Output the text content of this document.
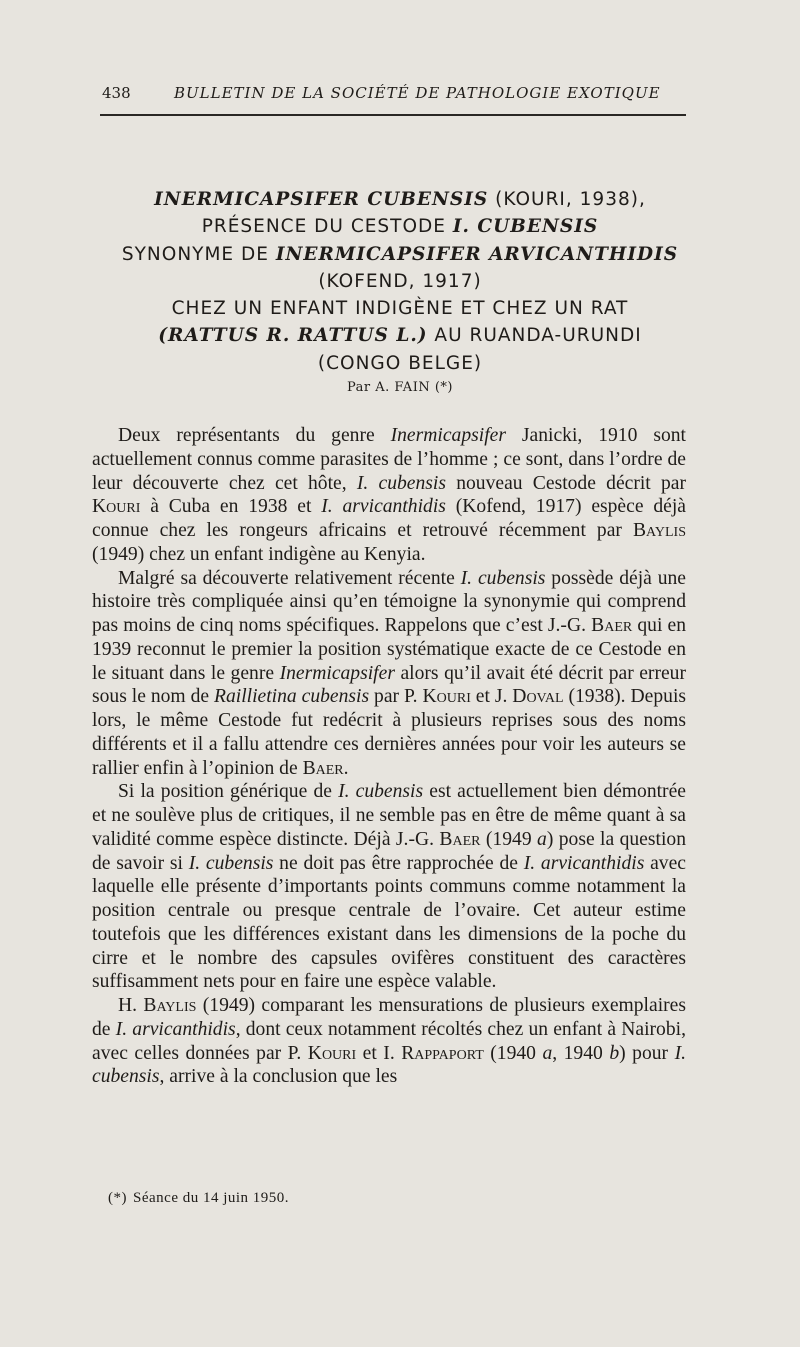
438	BULLETIN DE LA SOCIÉTÉ DE PATHOLOGIE EXOTIQUE
INERMICAPSIFER CUBENSIS (KOURI, 1938),
PRÉSENCE DU CESTODE I. CUBENSIS
SYNONYME DE INERMICAPSIFER ARVICANTHIDIS
(KOFEND, 1917)
CHEZ UN ENFANT INDIGÈNE ET CHEZ UN RAT
(RATTUS R. RATTUS L.) AU RUANDA-URUNDI
(CONGO BELGE)
Par A. FAIN (*)

Deux représentants du genre Inermicapsifer Janicki, 1910 sont actuellement connus comme parasites de l’homme ; ce sont, dans l’ordre de leur découverte chez cet hôte, I. cubensis nouveau Cestode décrit par Kouri à Cuba en 1938 et I. arvicanthidis (Kofend, 1917) espèce déjà connue chez les rongeurs africains et retrouvé récemment par Baylis (1949) chez un enfant indigène au Kenyia.

Malgré sa découverte relativement récente I. cubensis possède déjà une histoire très compliquée ainsi qu’en témoigne la synonymie qui comprend pas moins de cinq noms spécifiques. Rappelons que c’est J.-G. Baer qui en 1939 reconnut le premier la position systématique exacte de ce Cestode en le situant dans le genre Inermicapsifer alors qu’il avait été décrit par erreur sous le nom de Raillietina cubensis par P. Kouri et J. Doval (1938). Depuis lors, le même Cestode fut redécrit à plusieurs reprises sous des noms différents et il a fallu attendre ces dernières années pour voir les auteurs se rallier enfin à l’opinion de Baer.

Si la position générique de I. cubensis est actuellement bien démontrée et ne soulève plus de critiques, il ne semble pas en être de même quant à sa validité comme espèce distincte. Déjà J.-G. Baer (1949 a) pose la question de savoir si I. cubensis ne doit pas être rapprochée de I. arvicanthidis avec laquelle elle présente d’importants points communs comme notamment la position centrale ou presque centrale de l’ovaire. Cet auteur estime toutefois que les différences existant dans les dimensions de la poche du cirre et le nombre des capsules ovifères constituent des caractères suffisamment nets pour en faire une espèce valable.

H. Baylis (1949) comparant les mensurations de plusieurs exemplaires de I. arvicanthidis, dont ceux notamment récoltés chez un enfant à Nairobi, avec celles données par P. Kouri et I. Rappaport (1940 a, 1940 b) pour I. cubensis, arrive à la conclusion que les

(*) Séance du 14 juin 1950.
